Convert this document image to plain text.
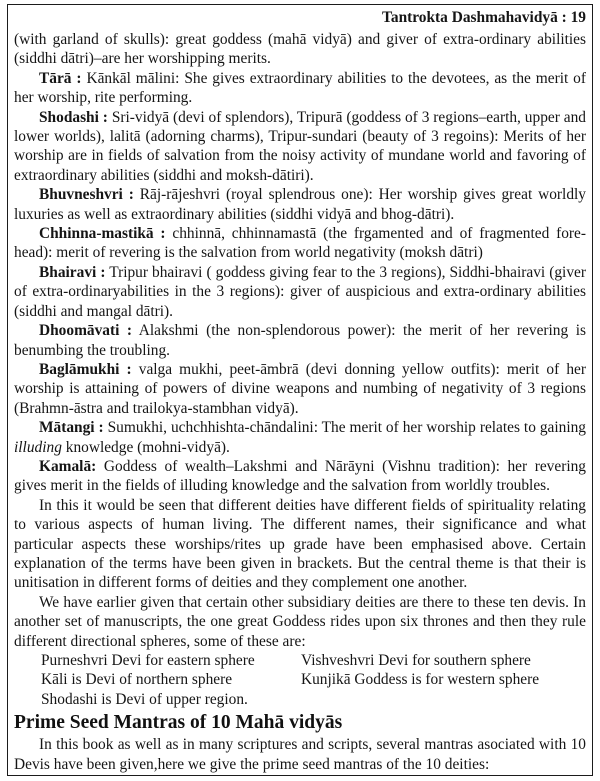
Tantrokta Dashmahavidyā : 19

(with garland of skulls): great goddess (mahā vidyā) and giver of extra-ordinary abilities (siddhi dātri)–are her worshipping merits.

Tārā : Kānkāl mālini: She gives extraordinary abilities to the devotees, as the merit of her worship, rite performing.

Shodashi : Sri-vidyā (devi of splendors), Tripurā (goddess of 3 regions–earth, upper and lower worlds), lalitā (adorning charms), Tripur-sundari (beauty of 3 regoins): Merits of her worship are in fields of salvation from the noisy activity of mundane world and favoring of extraordinary abilities (siddhi and moksh-dātiri).

Bhuvneshvri : Rāj-rājeshvri (royal splendrous one): Her worship gives great worldly luxuries as well as extraordinary abilities (siddhi vidyā and bhog-dātri).

Chhinna-mastikā : chhinnā, chhinnamastā (the frgamented and of fragmented fore-head): merit of revering is the salvation from world negativity (moksh dātri)

Bhairavi : Tripur bhairavi ( goddess giving fear to the 3 regions), Siddhi-bhairavi (giver of extra-ordinaryabilities in the 3 regions): giver of auspicious and extra-ordinary abilities (siddhi and mangal dātri).

Dhoomāvati : Alakshmi (the non-splendorous power): the merit of her revering is benumbing the troubling.

Baglāmukhi : valga mukhi, peet-āmbrā (devi donning yellow outfits): merit of her worship is attaining of powers of divine weapons and numbing of negativity of 3 regions (Brahmn-āstra and trailokya-stambhan vidyā).

Mātangi : Sumukhi, uchchhishta-chāndalini: The merit of her worship relates to gaining illuding knowledge (mohni-vidyā).

Kamalā: Goddess of wealth–Lakshmi and Nārāyni (Vishnu tradition): her revering gives merit in the fields of illuding knowledge and the salvation from worldly troubles.

In this it would be seen that different deities have different fields of spirituality relating to various aspects of human living. The different names, their significance and what particular aspects these worships/rites up grade have been emphasised above. Certain explanation of the terms have been given in brackets. But the central theme is that their is unitisation in different forms of deities and they complement one another.

We have earlier given that certain other subsidiary deities are there to these ten devis. In another set of manuscripts, the one great Goddess rides upon six thrones and then they rule different directional spheres, some of these are:

Purneshvri Devi for eastern sphere	Vishveshvri Devi for southern sphere
Kāli is Devi of northern sphere	Kunjikā Goddess is for western sphere
Shodashi is Devi of upper region.
Prime Seed Mantras of 10 Mahā vidyās

In this book as well as in many scriptures and scripts, several mantras asociated with 10 Devis have been given,here we give the prime seed mantras of the 10 deities:
